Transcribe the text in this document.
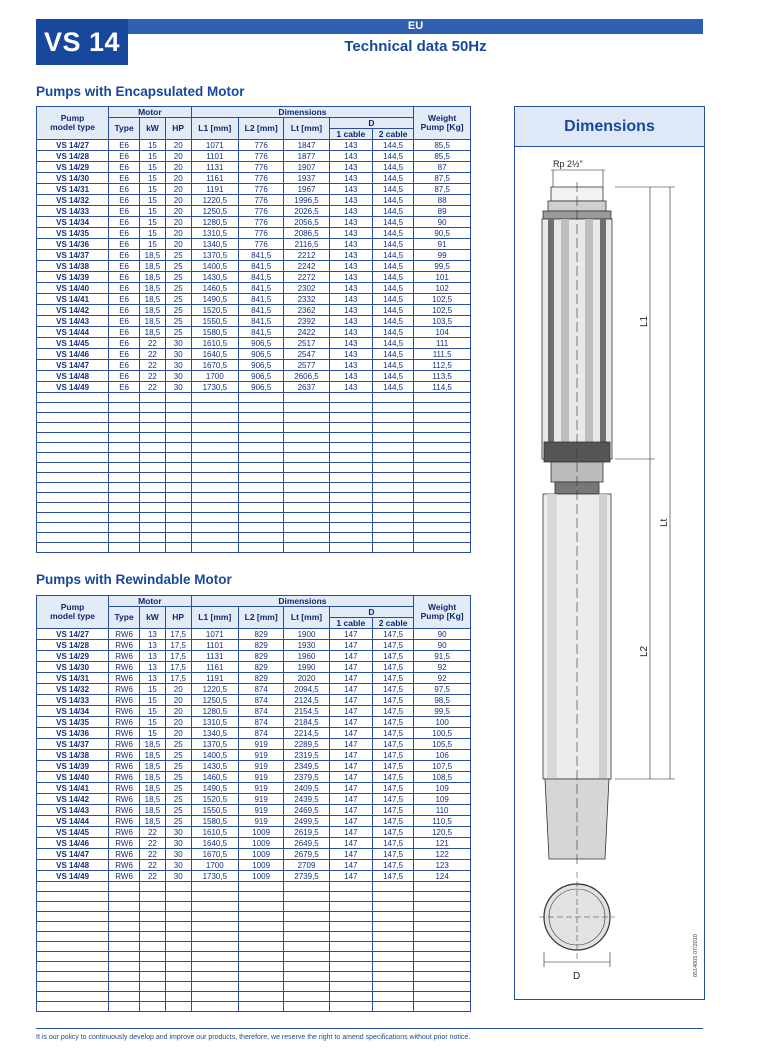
VS 14
EU
Technical data 50Hz
Pumps with Encapsulated Motor
Pump
model type	Motor			Dimensions					Weight
Pump [Kg]
	Type	kW	HP	L1 [mm]	L2 [mm]	Lt [mm]	D		
							1 cable	2 cable	
VS 14/27	E6	15	20	1071	776	1847	143	144,5	85,5
VS 14/28	E6	15	20	1101	776	1877	143	144,5	85,5
VS 14/29	E6	15	20	1131	776	1907	143	144,5	87
VS 14/30	E6	15	20	1161	776	1937	143	144,5	87,5
VS 14/31	E6	15	20	1191	776	1967	143	144,5	87,5
VS 14/32	E6	15	20	1220,5	776	1996,5	143	144,5	88
VS 14/33	E6	15	20	1250,5	776	2026,5	143	144,5	89
VS 14/34	E6	15	20	1280,5	776	2056,5	143	144,5	90
VS 14/35	E6	15	20	1310,5	776	2086,5	143	144,5	90,5
VS 14/36	E6	15	20	1340,5	776	2116,5	143	144,5	91
VS 14/37	E6	18,5	25	1370,5	841,5	2212	143	144,5	99
VS 14/38	E6	18,5	25	1400,5	841,5	2242	143	144,5	99,5
VS 14/39	E6	18,5	25	1430,5	841,5	2272	143	144,5	101
VS 14/40	E6	18,5	25	1460,5	841,5	2302	143	144,5	102
VS 14/41	E6	18,5	25	1490,5	841,5	2332	143	144,5	102,5
VS 14/42	E6	18,5	25	1520,5	841,5	2362	143	144,5	102,5
VS 14/43	E6	18,5	25	1550,5	841,5	2392	143	144,5	103,5
VS 14/44	E6	18,5	25	1580,5	841,5	2422	143	144,5	104
VS 14/45	E6	22	30	1610,5	906,5	2517	143	144,5	111
VS 14/46	E6	22	30	1640,5	906,5	2547	143	144,5	111,5
VS 14/47	E6	22	30	1670,5	906,5	2577	143	144,5	112,5
VS 14/48	E6	22	30	1700	906,5	2606,5	143	144,5	113,5
VS 14/49	E6	22	30	1730,5	906,5	2637	143	144,5	114,5

Pumps with Rewindable Motor
Pump
model type	Motor			Dimensions					Weight
Pump [Kg]
	Type	kW	HP	L1 [mm]	L2 [mm]	Lt [mm]	D		
							1 cable	2 cable	
VS 14/27	RW6	13	17,5	1071	829	1900	147	147,5	90
VS 14/28	RW6	13	17,5	1101	829	1930	147	147,5	90
VS 14/29	RW6	13	17,5	1131	829	1960	147	147,5	91,5
VS 14/30	RW6	13	17,5	1161	829	1990	147	147,5	92
VS 14/31	RW6	13	17,5	1191	829	2020	147	147,5	92
VS 14/32	RW6	15	20	1220,5	874	2094,5	147	147,5	97,5
VS 14/33	RW6	15	20	1250,5	874	2124,5	147	147,5	98,5
VS 14/34	RW6	15	20	1280,5	874	2154,5	147	147,5	99,5
VS 14/35	RW6	15	20	1310,5	874	2184,5	147	147,5	100
VS 14/36	RW6	15	20	1340,5	874	2214,5	147	147,5	100,5
VS 14/37	RW6	18,5	25	1370,5	919	2289,5	147	147,5	105,5
VS 14/38	RW6	18,5	25	1400,5	919	2319,5	147	147,5	106
VS 14/39	RW6	18,5	25	1430,5	919	2349,5	147	147,5	107,5
VS 14/40	RW6	18,5	25	1460,5	919	2379,5	147	147,5	108,5
VS 14/41	RW6	18,5	25	1490,5	919	2409,5	147	147,5	109
VS 14/42	RW6	18,5	25	1520,5	919	2439,5	147	147,5	109
VS 14/43	RW6	18,5	25	1550,5	919	2469,5	147	147,5	110
VS 14/44	RW6	18,5	25	1580,5	919	2499,5	147	147,5	110,5
VS 14/45	RW6	22	30	1610,5	1009	2619,5	147	147,5	120,5
VS 14/46	RW6	22	30	1640,5	1009	2649,5	147	147,5	121
VS 14/47	RW6	22	30	1670,5	1009	2679,5	147	147,5	122
VS 14/48	RW6	22	30	1700	1009	2709	147	147,5	123
VS 14/49	RW6	22	30	1730,5	1009	2739,5	147	147,5	124

Dimensions
Rp 2½"
D
L1
Lt
L2
0514005 07/2010
It is our policy to continuously develop and improve our products, therefore, we reserve the right to amend specifications without prior notice.
